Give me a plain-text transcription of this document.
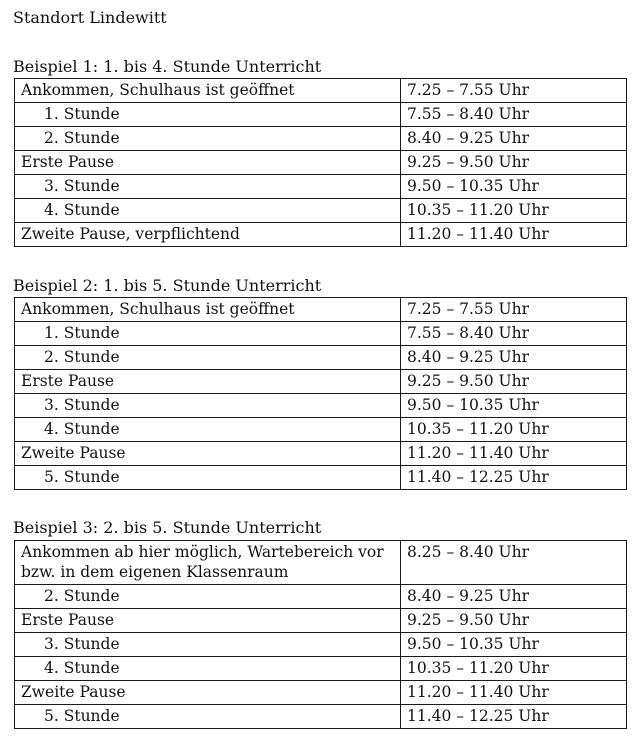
Standort Lindewitt
Beispiel 1: 1. bis 4. Stunde Unterricht
Ankommen, Schulhaus ist geöffnet	7.25 – 7.55 Uhr
1. Stunde	7.55 – 8.40 Uhr
2. Stunde	8.40 – 9.25 Uhr
Erste Pause	9.25 – 9.50 Uhr
3. Stunde	9.50 – 10.35 Uhr
4. Stunde	10.35 – 11.20 Uhr
Zweite Pause, verpflichtend	11.20 – 11.40 Uhr
Beispiel 2: 1. bis 5. Stunde Unterricht
Ankommen, Schulhaus ist geöffnet	7.25 – 7.55 Uhr
1. Stunde	7.55 – 8.40 Uhr
2. Stunde	8.40 – 9.25 Uhr
Erste Pause	9.25 – 9.50 Uhr
3. Stunde	9.50 – 10.35 Uhr
4. Stunde	10.35 – 11.20 Uhr
Zweite Pause	11.20 – 11.40 Uhr
5. Stunde	11.40 – 12.25 Uhr
Beispiel 3: 2. bis 5. Stunde Unterricht
Ankommen ab hier möglich, Wartebereich vor bzw. in dem eigenen Klassenraum	8.25 – 8.40 Uhr
2. Stunde	8.40 – 9.25 Uhr
Erste Pause	9.25 – 9.50 Uhr
3. Stunde	9.50 – 10.35 Uhr
4. Stunde	10.35 – 11.20 Uhr
Zweite Pause	11.20 – 11.40 Uhr
5. Stunde	11.40 – 12.25 Uhr
